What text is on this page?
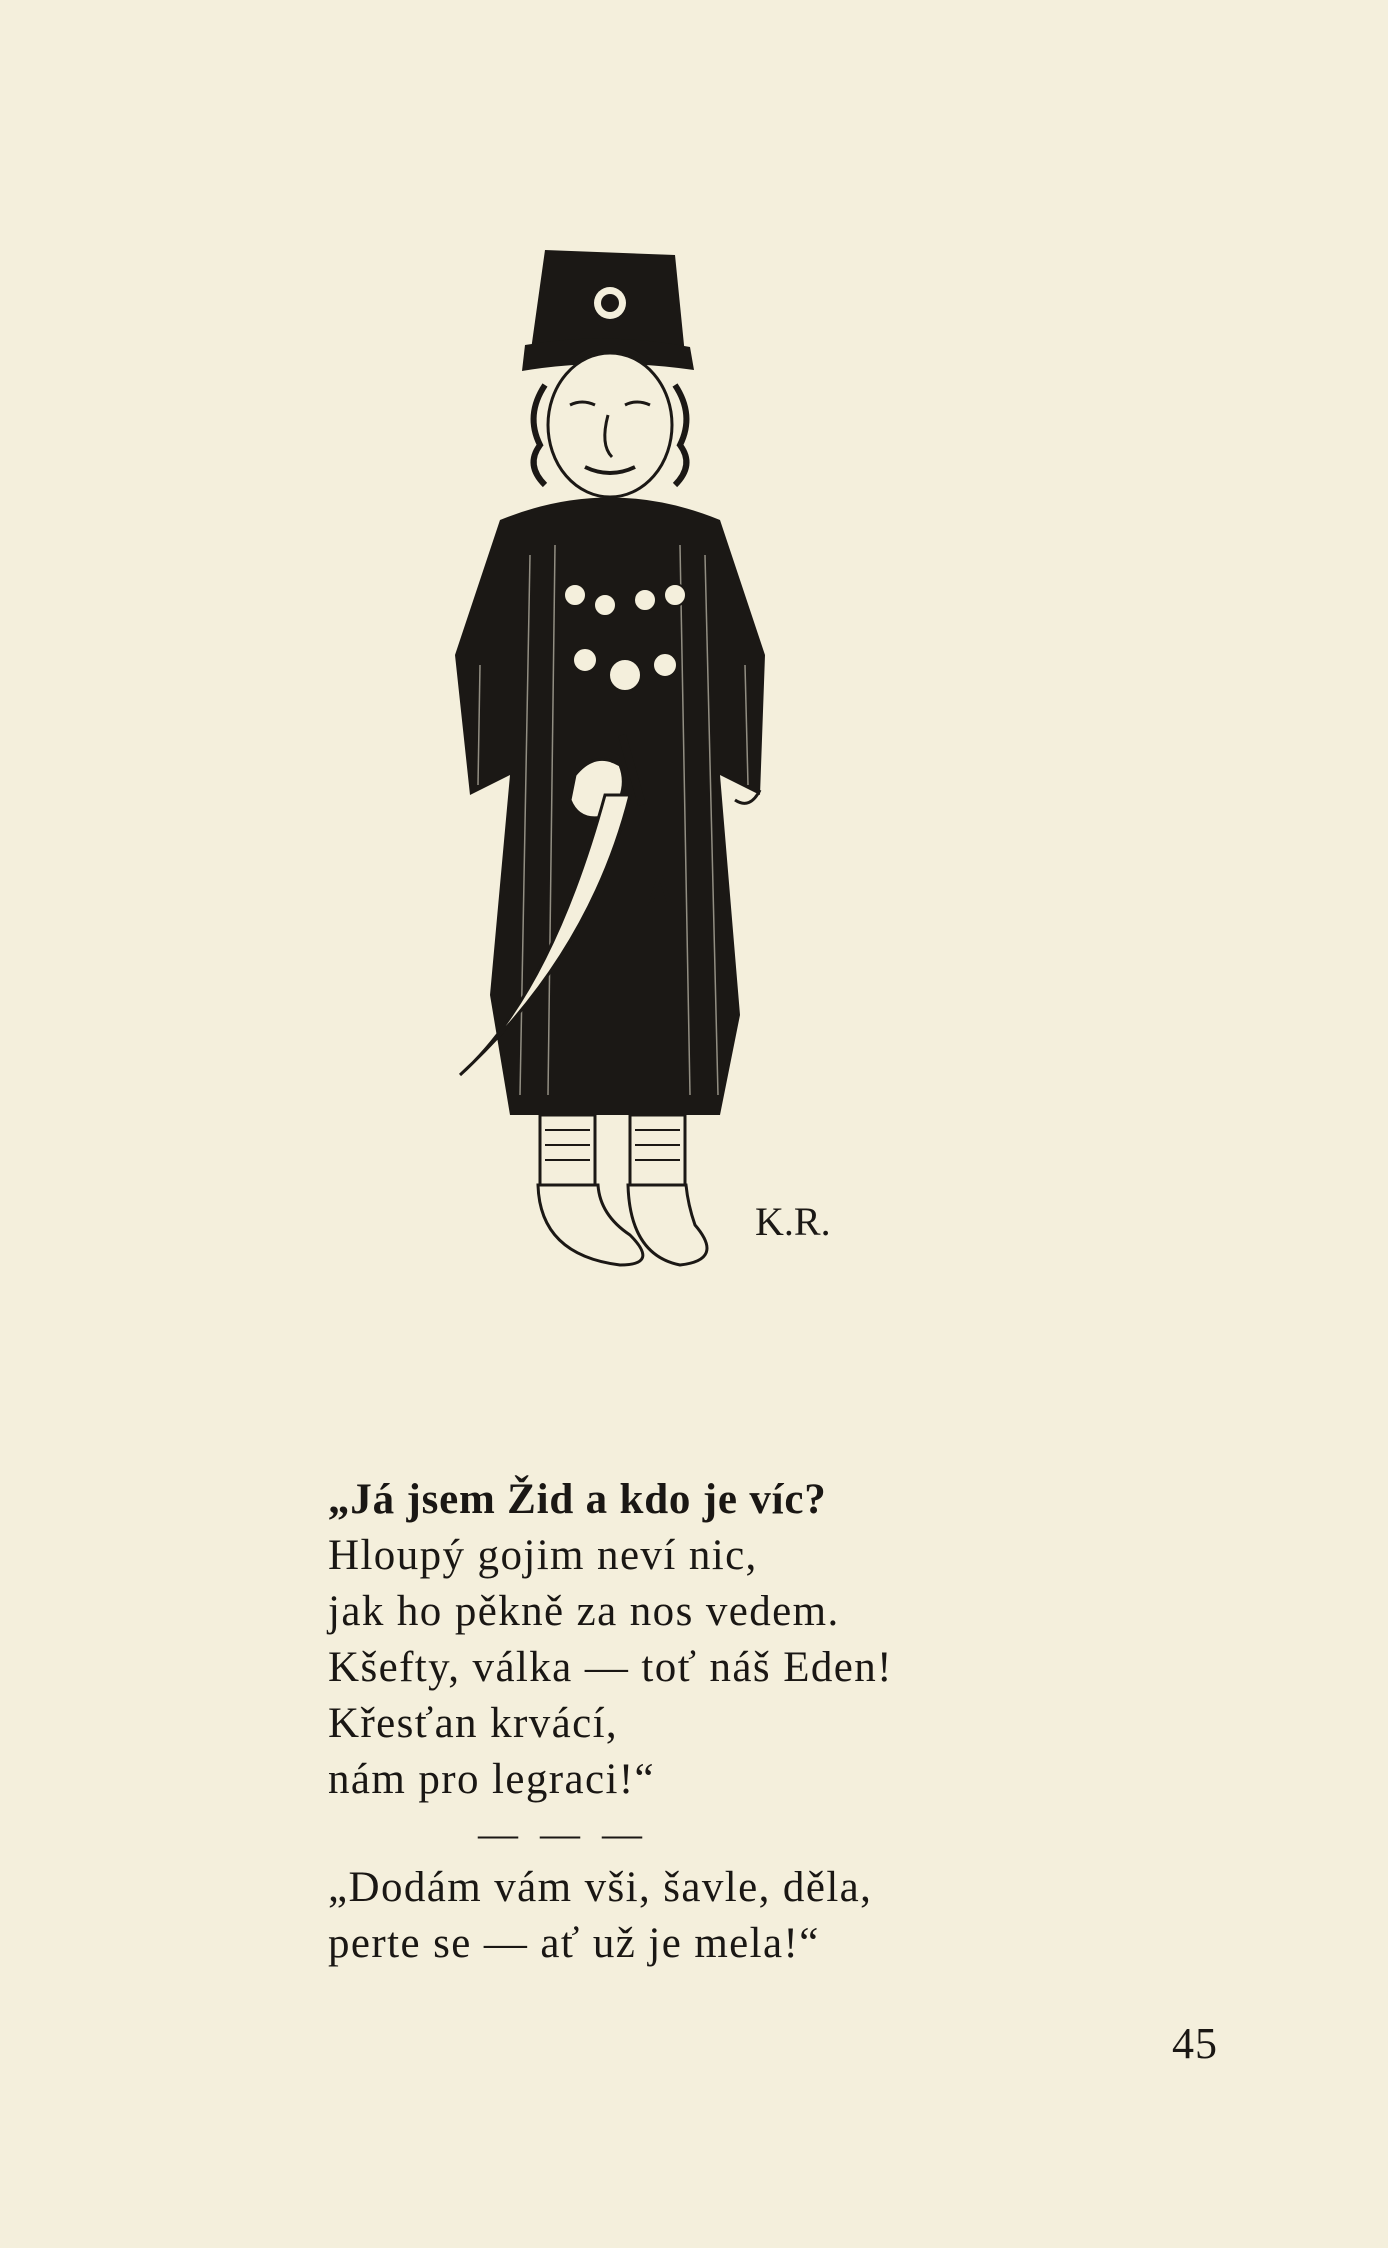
K.R.
„Já jsem Žid a kdo je víc?
Hloupý gojim neví nic,
jak ho pěkně za nos vedem.
Kšefty, válka — toť náš Eden!
Křesťan krvácí,
nám pro legraci!“
— — —
„Dodám vám vši, šavle, děla,
perte se — ať už je mela!“
45
